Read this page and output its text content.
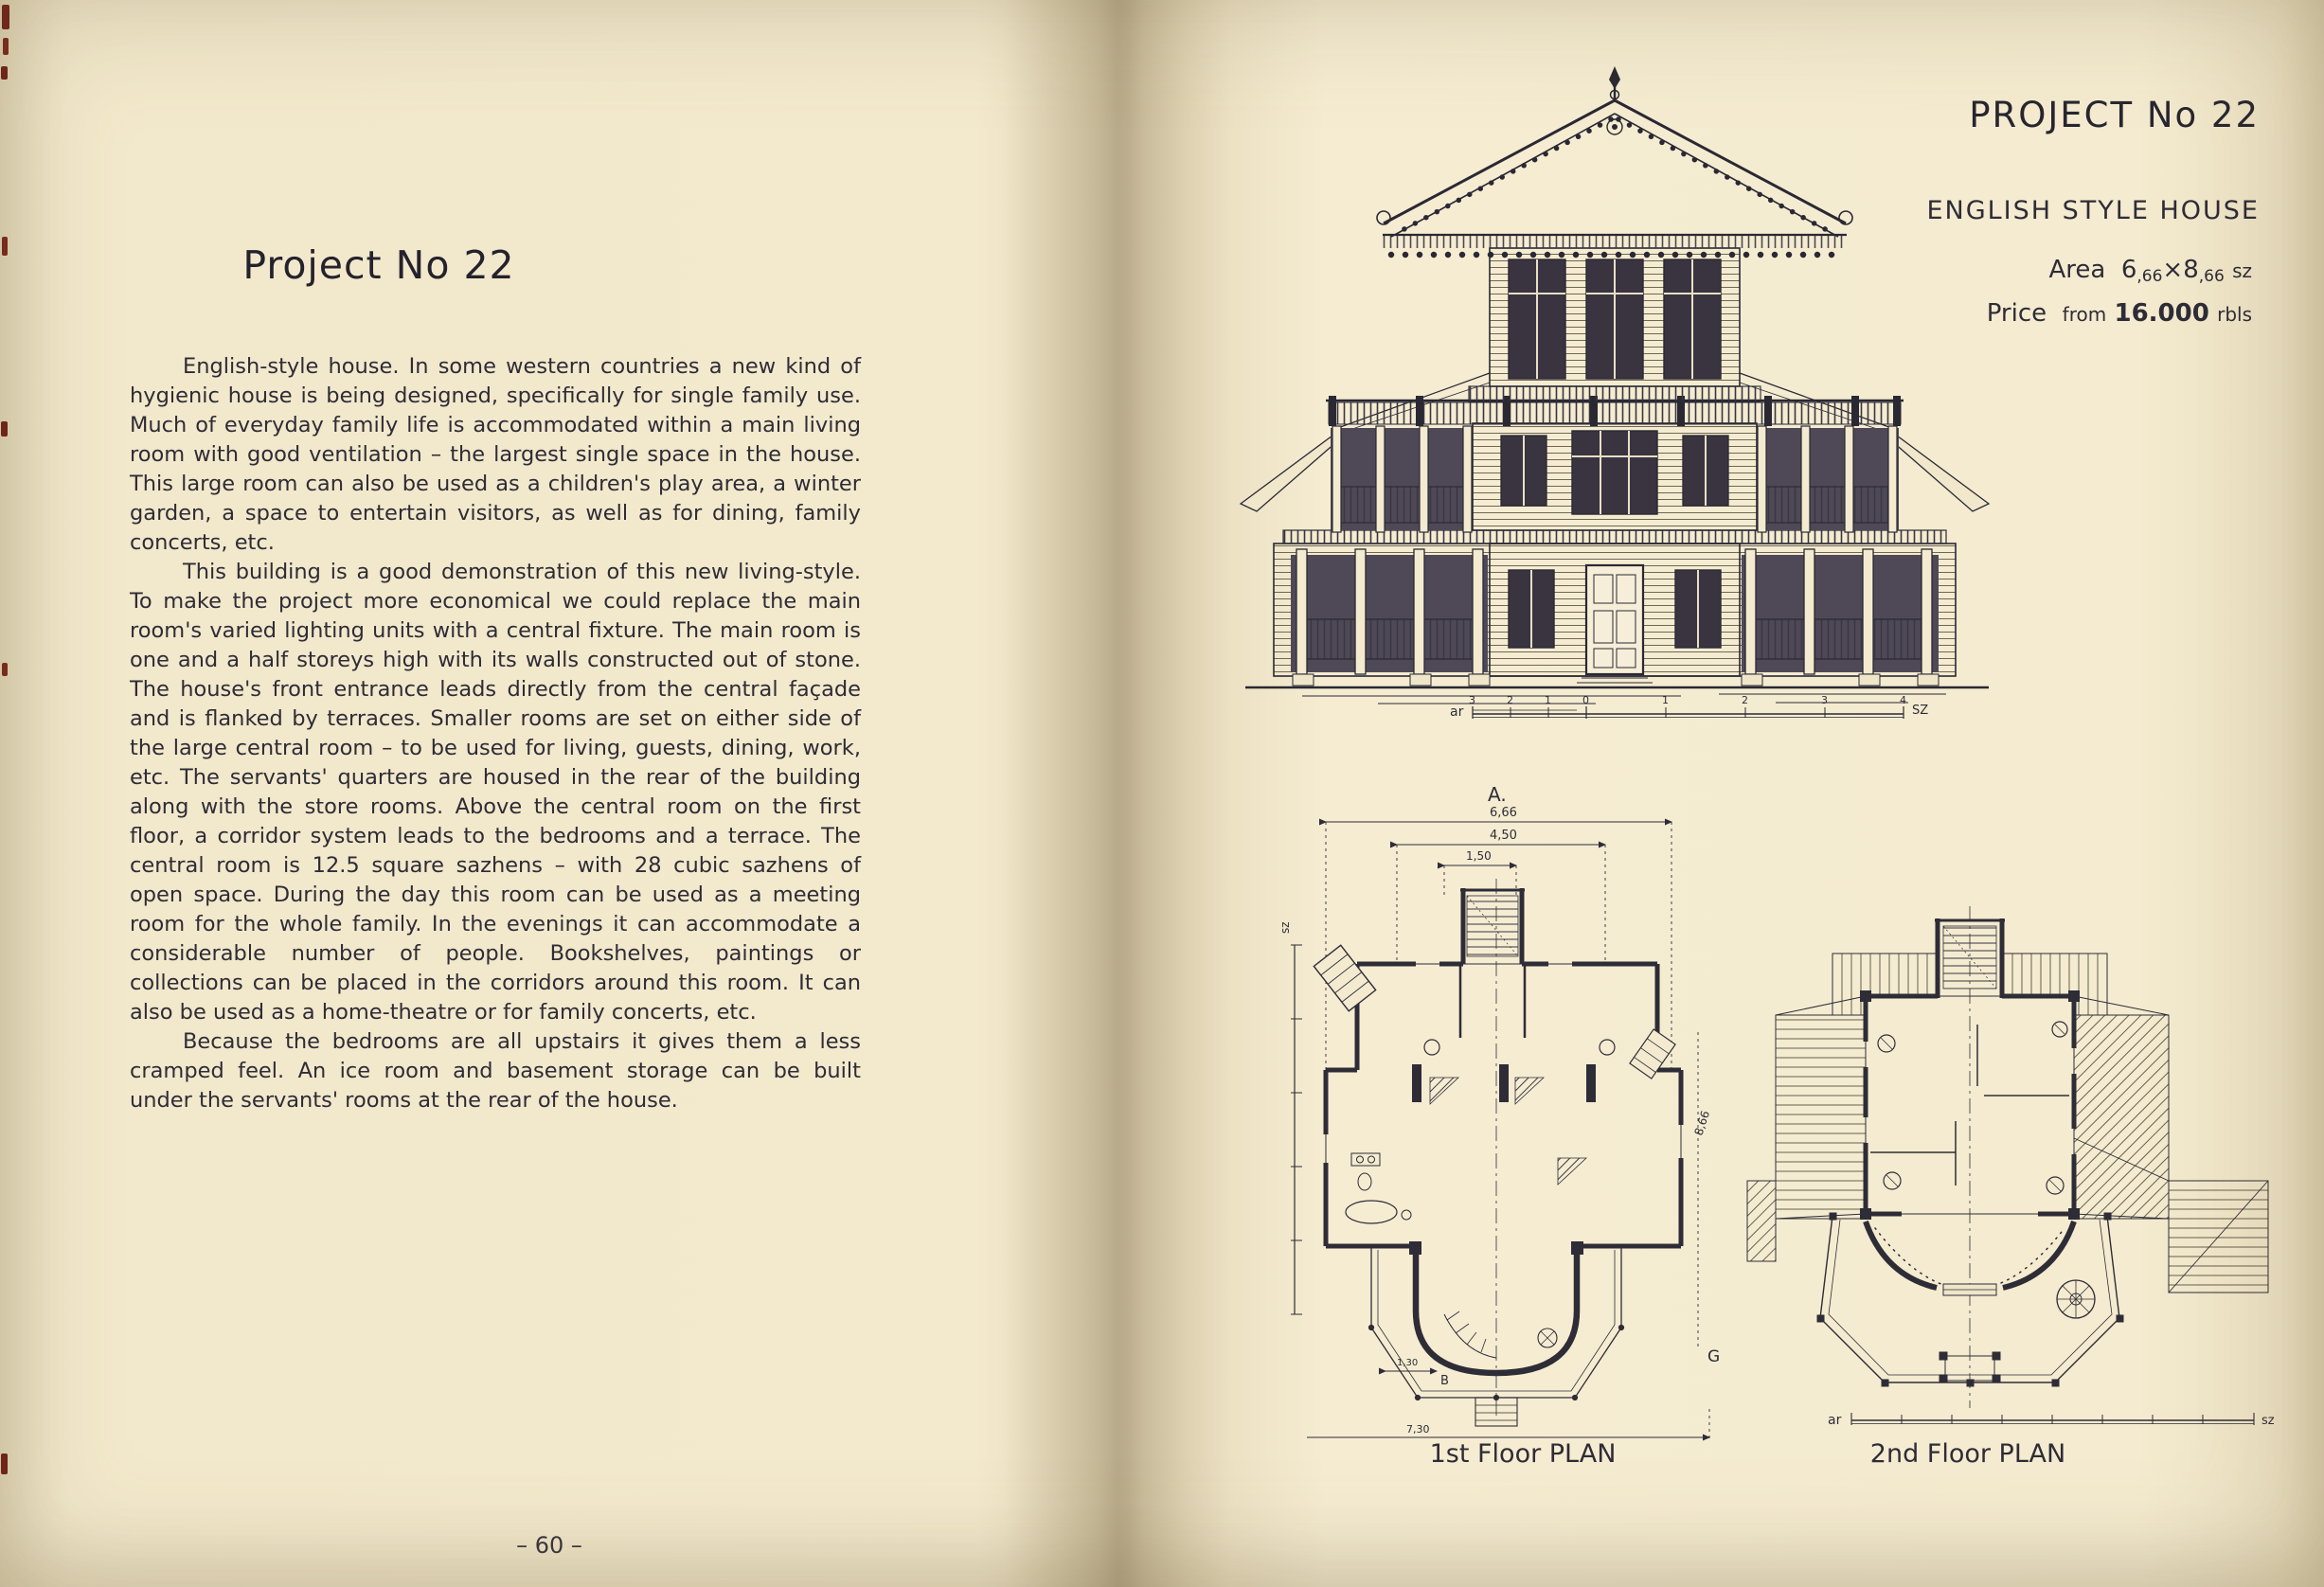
Project No 22

English-style house. In some western countries a new kind of hygienic house is being designed, specifically for single family use. Much of everyday family life is accommodated within a main living room with good ventilation – the largest single space in the house. This large room can also be used as a children's play area, a winter garden, a space to entertain visitors, as well as for dining, family concerts, etc.

This building is a good demonstration of this new living-style. To make the project more economical we could replace the main room's varied lighting units with a central fixture. The main room is one and a half storeys high with its walls constructed out of stone. The house's front entrance leads directly from the central façade and is flanked by terraces. Smaller rooms are set on either side of the large central room – to be used for living, guests, dining, work, etc. The servants' quarters are housed in the rear of the building along with the store rooms. Above the central room on the first floor, a corridor system leads to the bedrooms and a terrace. The central room is 12.5 square sazhens – with 28 cubic sazhens of open space. During the day this room can be used as a meeting room for the whole family. In the evenings it can accommodate a considerable number of people. Bookshelves, paintings or collections can be placed in the corridors around this room. It can also be used as a home-theatre or for family concerts, etc.

Because the bedrooms are all upstairs it gives them a less cramped feel. An ice room and basement storage can be built under the servants' rooms at the rear of the house.

– 60 –
PROJECT No 22
ENGLISH STYLE HOUSE
Area 6,66×8,66 sz
Price from 16.000 rbls
ar	SZ
3	2	1	0	1	2	3	4
A.
6,66
4,50
1,50
sz
8,66
G
1,30
B
7,30
ar	sz
1st Floor PLAN	2nd Floor PLAN
